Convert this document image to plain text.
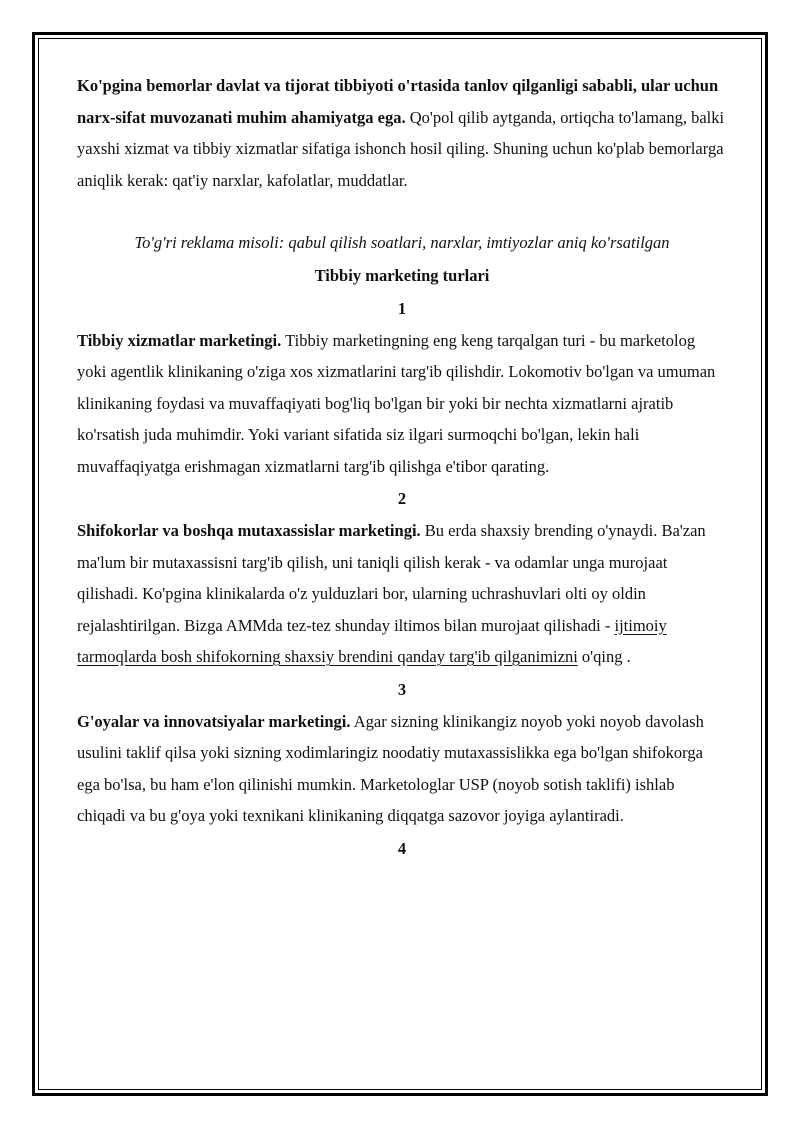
Ko'pgina bemorlar davlat va tijorat tibbiyoti o'rtasida tanlov qilganligi sababli, ular uchun narx-sifat muvozanati muhim ahamiyatga ega. Qo'pol qilib aytganda, ortiqcha to'lamang, balki yaxshi xizmat va tibbiy xizmatlar sifatiga ishonch hosil qiling. Shuning uchun ko'plab bemorlarga aniqlik kerak: qat'iy narxlar, kafolatlar, muddatlar.

To'g'ri reklama misoli: qabul qilish soatlari, narxlar, imtiyozlar aniq ko'rsatilgan

Tibbiy marketing turlari

1

Tibbiy xizmatlar marketingi. Tibbiy marketingning eng keng tarqalgan turi - bu marketolog yoki agentlik klinikaning o'ziga xos xizmatlarini targ'ib qilishdir. Lokomotiv bo'lgan va umuman klinikaning foydasi va muvaffaqiyati bog'liq bo'lgan bir yoki bir nechta xizmatlarni ajratib ko'rsatish juda muhimdir. Yoki variant sifatida siz ilgari surmoqchi bo'lgan, lekin hali muvaffaqiyatga erishmagan xizmatlarni targ'ib qilishga e'tibor qarating.

2

Shifokorlar va boshqa mutaxassislar marketingi. Bu erda shaxsiy brending o'ynaydi. Ba'zan ma'lum bir mutaxassisni targ'ib qilish, uni taniqli qilish kerak - va odamlar unga murojaat qilishadi. Ko'pgina klinikalarda o'z yulduzlari bor, ularning uchrashuvlari olti oy oldin rejalashtirilgan. Bizga AMMda tez-tez shunday iltimos bilan murojaat qilishadi - ijtimoiy tarmoqlarda bosh shifokorning shaxsiy brendini qanday targ'ib qilganimizni o'qing .

3

G'oyalar va innovatsiyalar marketingi. Agar sizning klinikangiz noyob yoki noyob davolash usulini taklif qilsa yoki sizning xodimlaringiz noodatiy mutaxassislikka ega bo'lgan shifokorga ega bo'lsa, bu ham e'lon qilinishi mumkin. Marketologlar USP (noyob sotish taklifi) ishlab chiqadi va bu g'oya yoki texnikani klinikaning diqqatga sazovor joyiga aylantiradi.

4
